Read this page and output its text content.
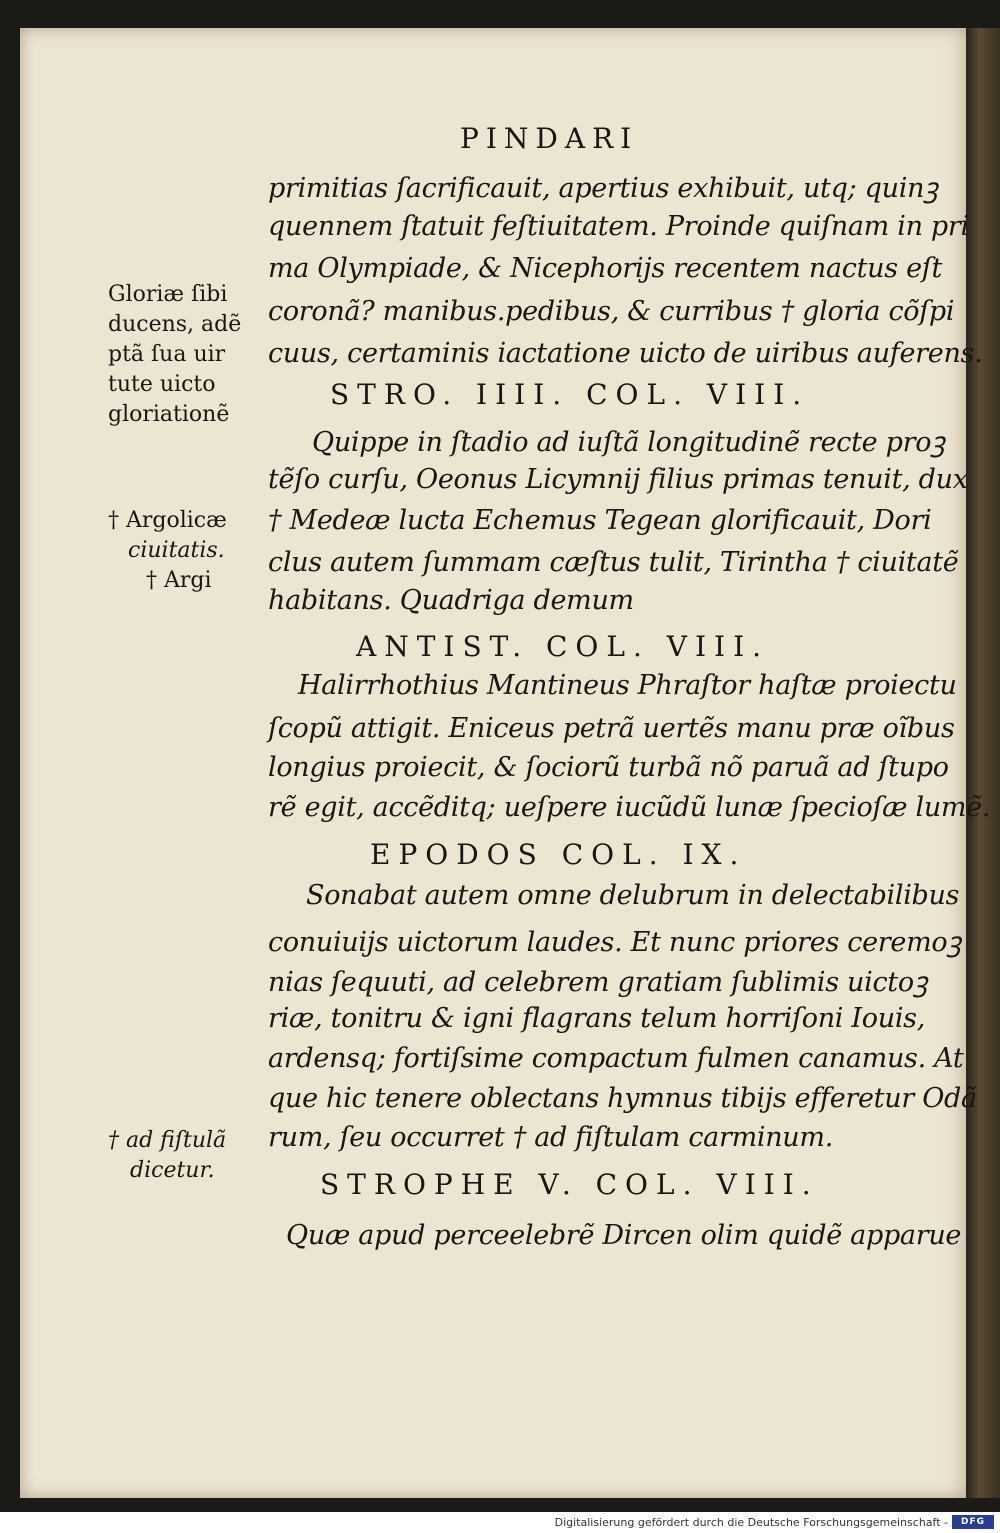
PINDARI
primitias ſacrificauit, apertius exhibuit, utq; quinꝫ
quennem ſtatuit feſtiuitatem. Proinde quiſnam in pri
ma Olympiade, & Nicephorijs recentem nactus eſt
coronã? manibus.pedibus, & curribus † gloria cõſpi
cuus, certaminis iactatione uicto de uiribus auferens.
STRO. IIII. COL. VIII.
Quippe in ſtadio ad iuſtã longitudinẽ recte proꝫ
tẽſo curſu, Oeonus Licymnij filius primas tenuit, dux
† Medeæ lucta Echemus Tegean glorificauit, Dori
clus autem ſummam cæſtus tulit, Tirintha † ciuitatẽ
habitans. Quadriga demum
ANTIST. COL. VIII.
Halirrhothius Mantineus Phraſtor haſtæ proiectu
ſcopũ attigit. Eniceus petrã uertẽs manu præ oĩbus
longius proiecit, & ſociorũ turbã nõ paruã ad ſtupo
rẽ egit, accẽditq; ueſpere iucũdũ lunæ ſpecioſæ lumẽ.
EPODOS COL. IX.
Sonabat autem omne delubrum in delectabilibus
conuiuijs uictorum laudes. Et nunc priores ceremoꝫ
nias ſequuti, ad celebrem gratiam ſublimis uictoꝫ
riæ, tonitru & igni flagrans telum horriſoni Iouis,
ardensq; fortiſsime compactum fulmen canamus. At
que hic tenere oblectans hymnus tibijs efferetur Odã
rum, ſeu occurret † ad fiſtulam carminum.
STROPHE V. COL. VIII.
Quæ apud perceelebrẽ Dircen olim quidẽ apparue
Gloriæ ſibi
ducens, adẽ
ptã ſua uir
tute uicto
gloriationẽ
† Argolicæ
ciuitatis.
† Argi
† ad fiſtulã
dicetur.
Digitalisierung gefördert durch die Deutsche Forschungsgemeinschaft -	DFG
